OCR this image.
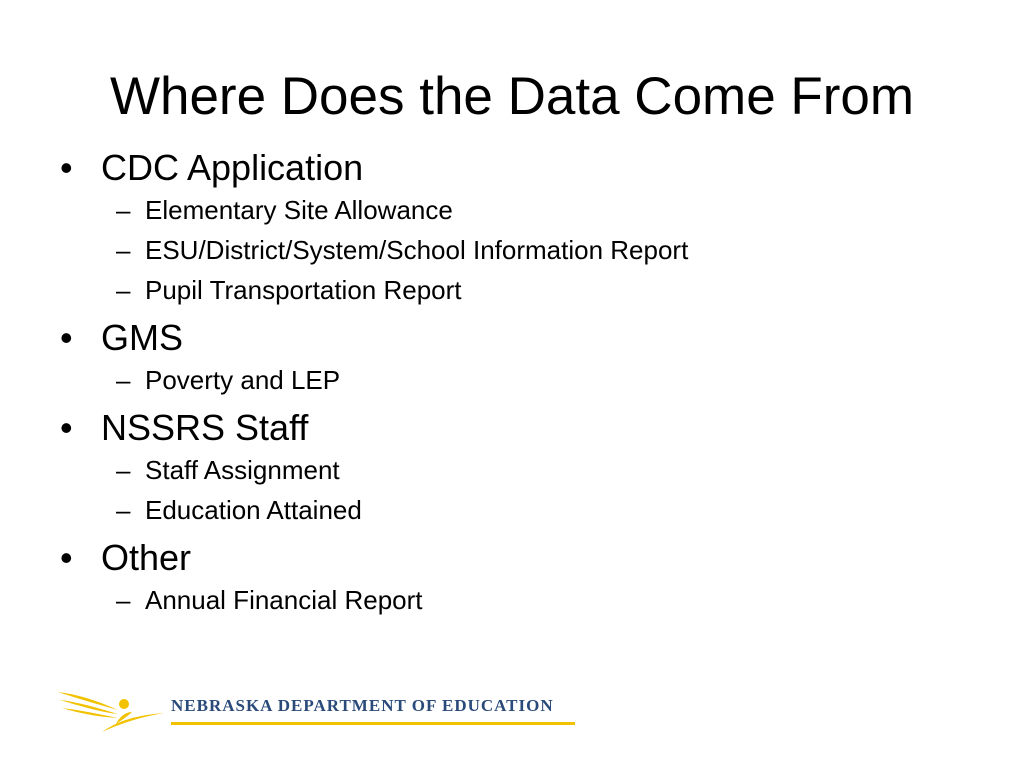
Where Does the Data Come From
• CDC Application
– Elementary Site Allowance
– ESU/District/System/School Information Report
– Pupil Transportation Report
• GMS
– Poverty and LEP
• NSSRS Staff
– Staff Assignment
– Education Attained
• Other
– Annual Financial Report
NEBRASKA DEPARTMENT OF EDUCATION
